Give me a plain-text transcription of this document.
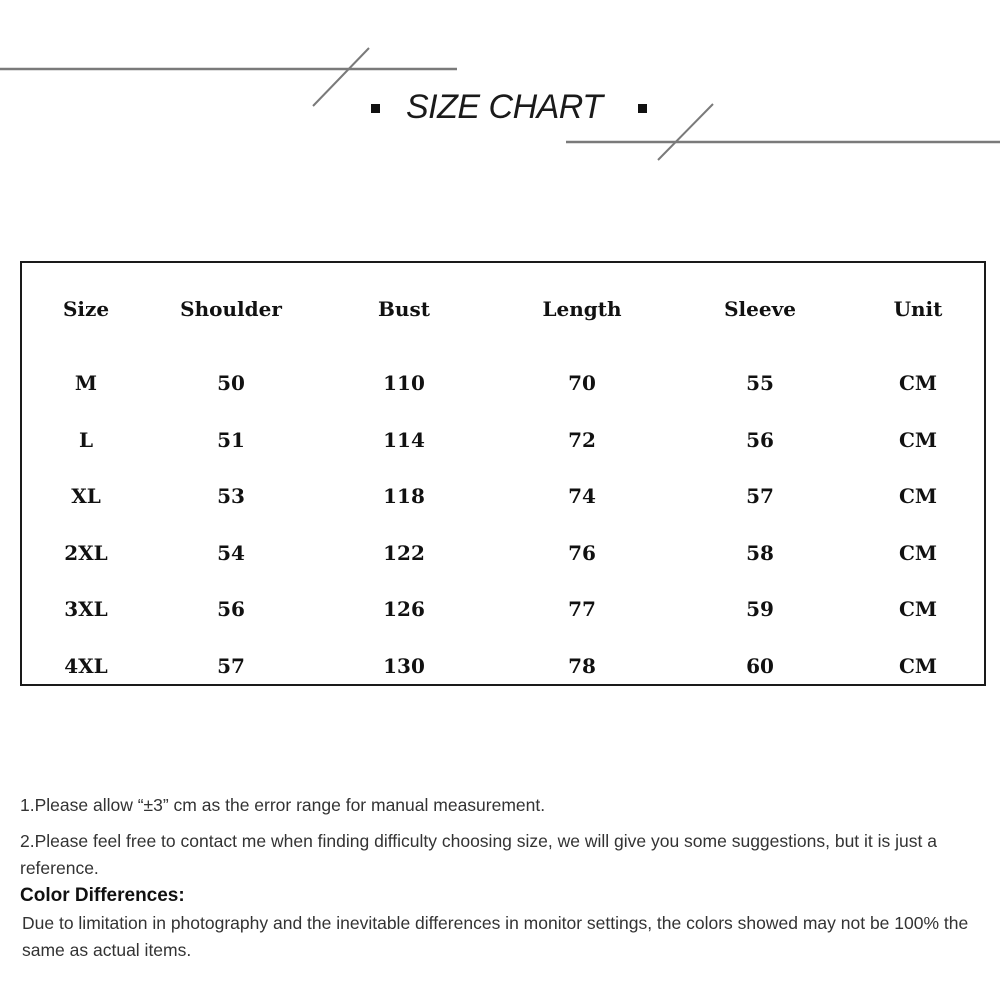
SIZE CHART
Size	Shoulder	Bust	Length	Sleeve	Unit
M	50	110	70	55	CM
L	51	114	72	56	CM
XL	53	118	74	57	CM
2XL	54	122	76	58	CM
3XL	56	126	77	59	CM
4XL	57	130	78	60	CM

1.Please allow “±3” cm as the error range for manual measurement.

2.Please feel free to contact me when finding difficulty choosing size, we will give you some suggestions, but it is just a reference.

Color Differences:

Due to limitation in photography and the inevitable differences in monitor settings, the colors showed may not be 100% the same as actual items.
